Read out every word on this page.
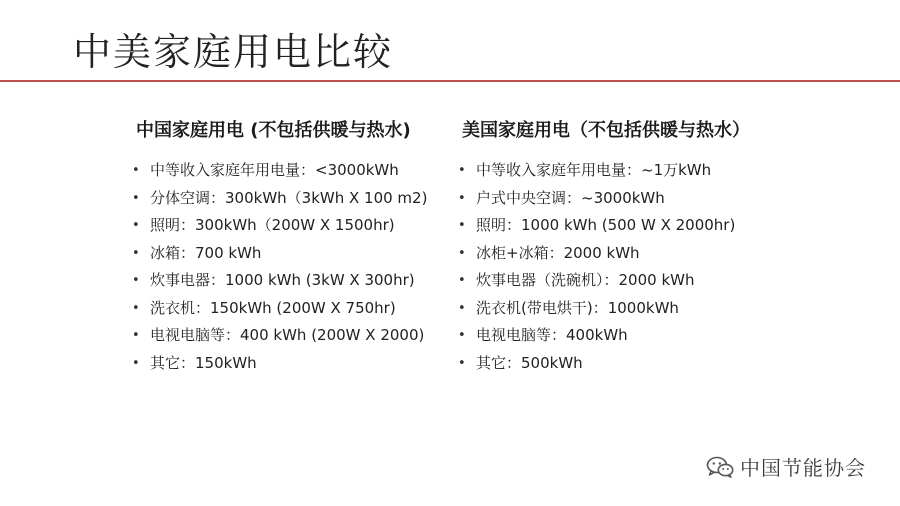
中美家庭用电比较
中国家庭用电 (不包括供暖与热水)
• 中等收入家庭年用电量：<3000kWh
• 分体空调：300kWh（3kWh X 100 m2)
• 照明：300kWh（200W X 1500hr)
• 冰箱：700 kWh
• 炊事电器：1000 kWh (3kW X 300hr)
• 洗衣机：150kWh (200W X 750hr)
• 电视电脑等：400 kWh (200W X 2000)
• 其它：150kWh
美国家庭用电（不包括供暖与热水）
• 中等收入家庭年用电量：~1万kWh
• 户式中央空调：~3000kWh
• 照明：1000 kWh (500 W X 2000hr)
• 冰柜+冰箱：2000 kWh
• 炊事电器（洗碗机）：2000 kWh
• 洗衣机(带电烘干)：1000kWh
• 电视电脑等：400kWh
• 其它：500kWh
中国节能协会
